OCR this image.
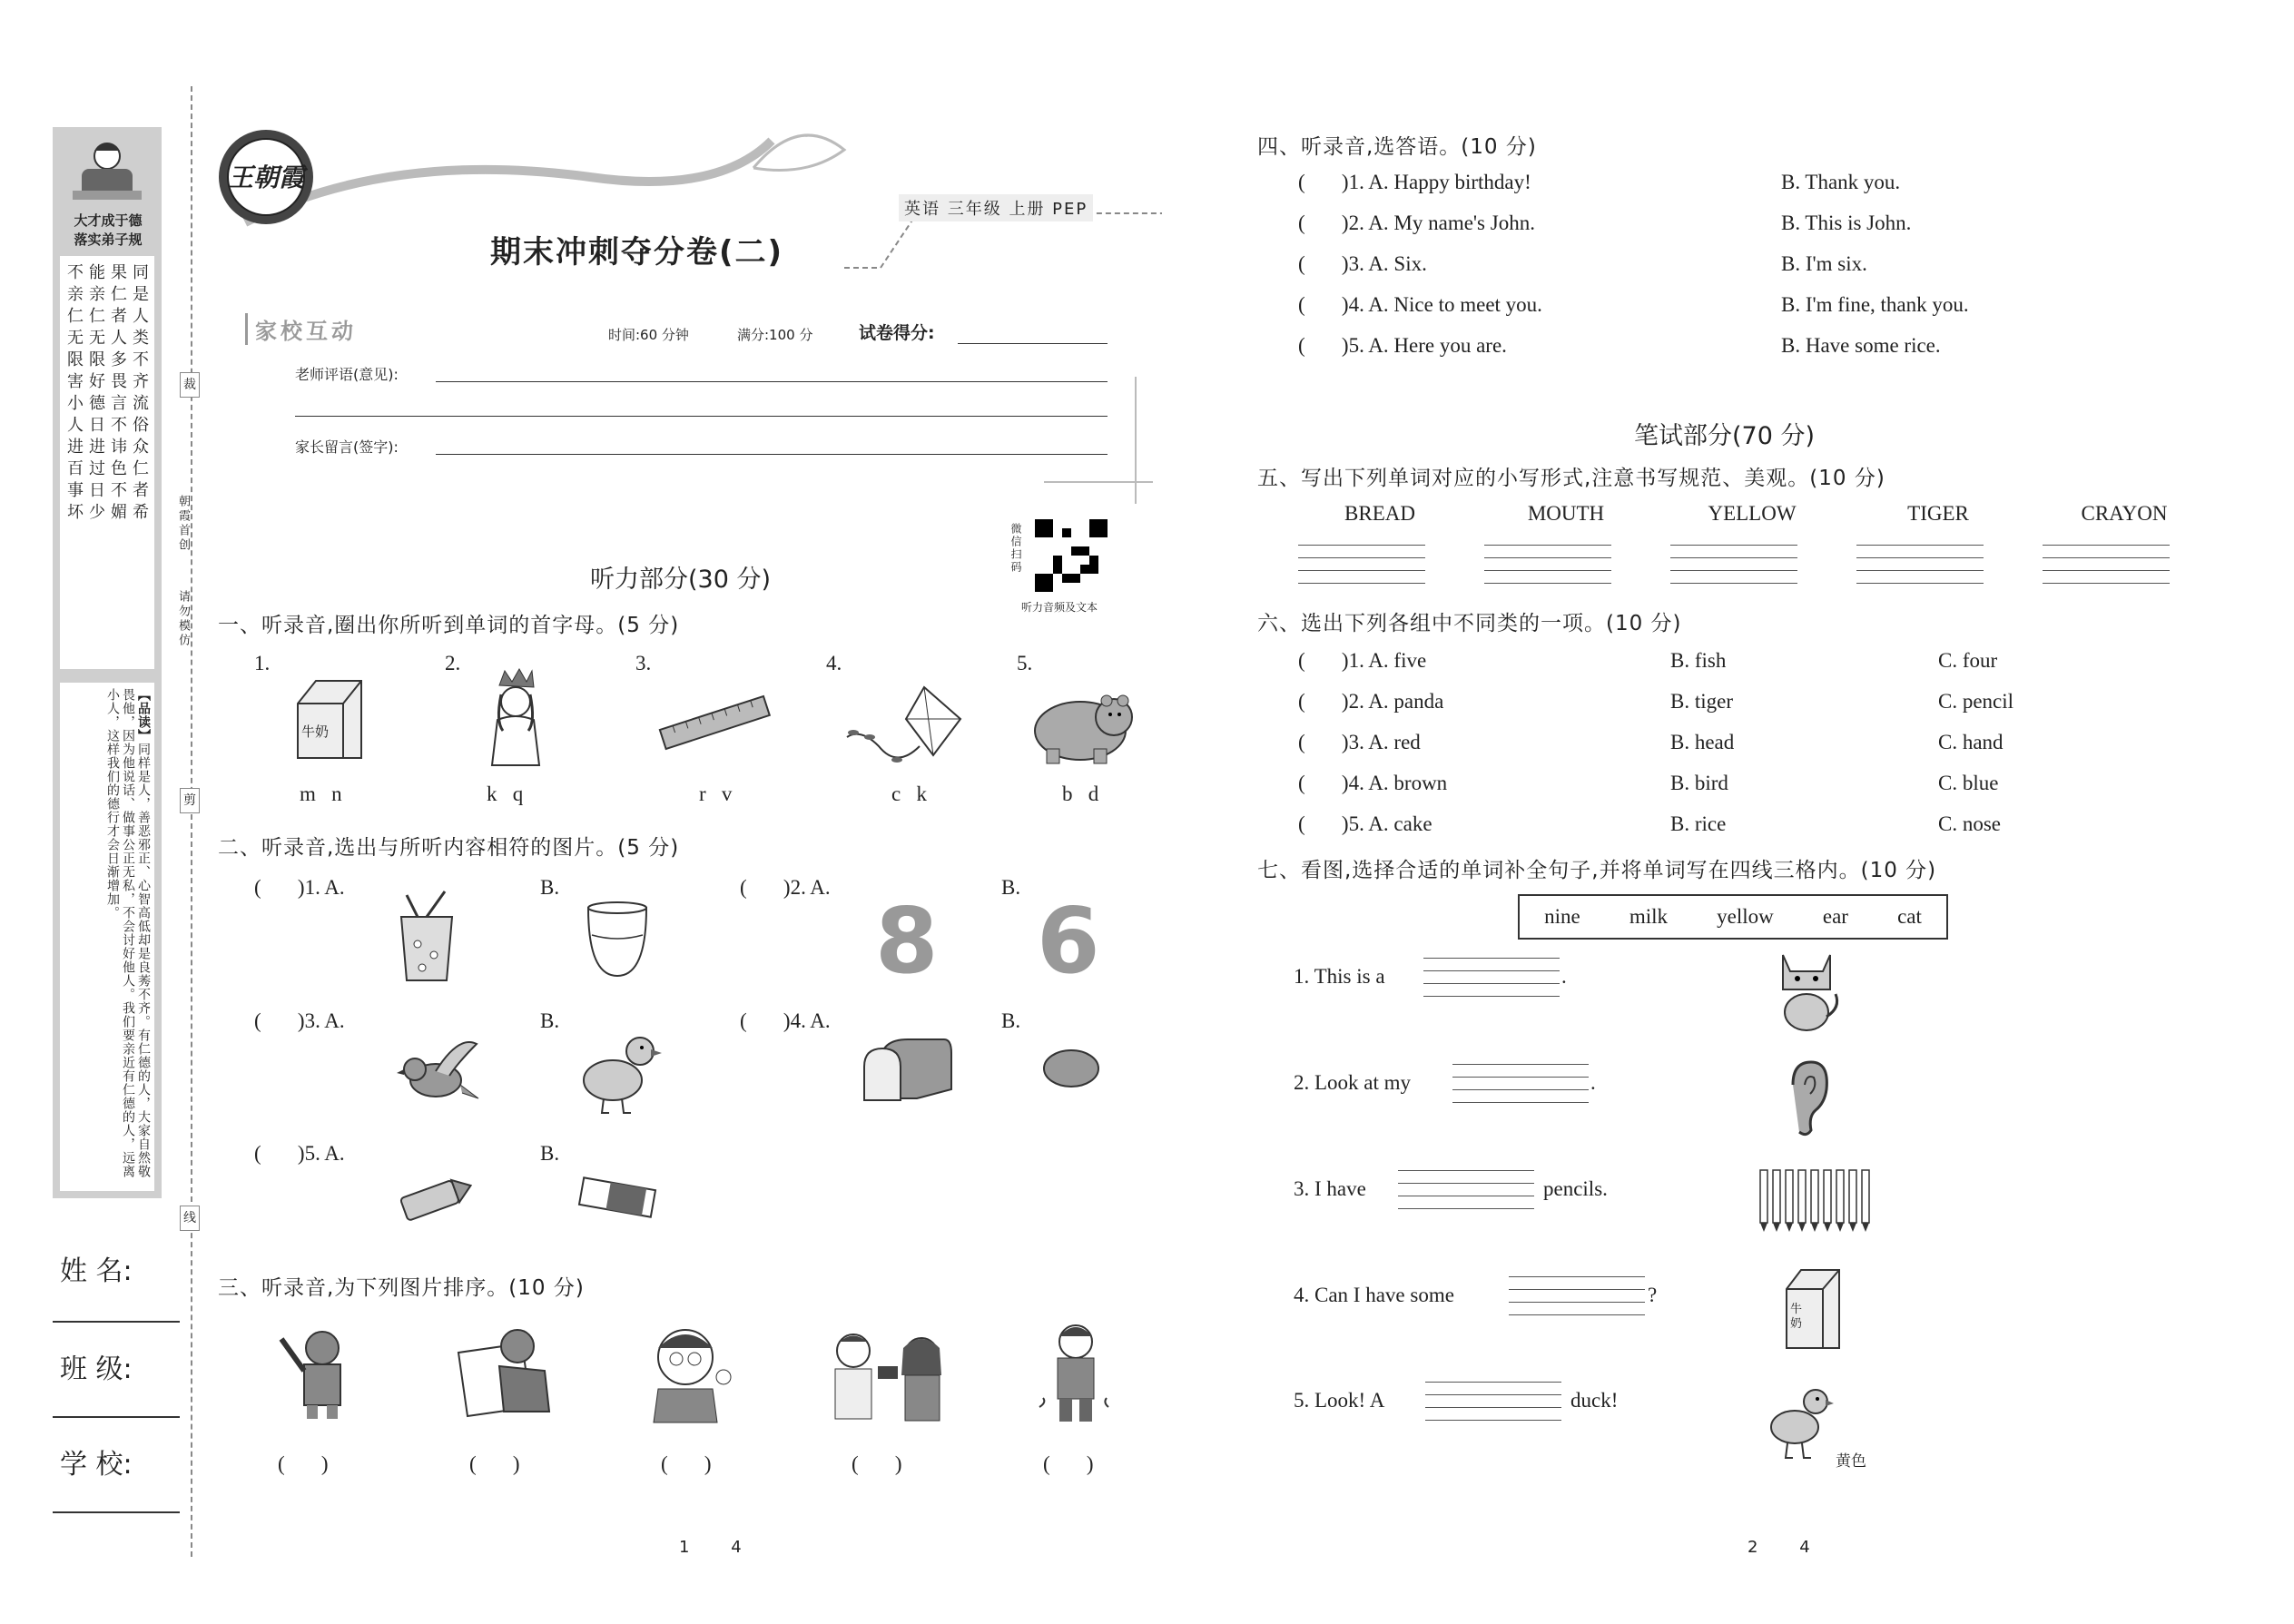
大才成于德
落实弟子规
同是人类不齐流俗众仁者希
果仁者人多畏言不讳色不媚
能亲仁无限好德日进过日少
不亲仁无限害小人进百事坏
【品读】同样是人，善恶邪正、心智高低却是良莠不齐。有仁德的人，大家自然敬畏他，因为他说话、做事公正无私，不会讨好他人。我们要亲近有仁德的人，远离小人，这样我们的德行才会日渐增加。
裁
剪
线
朝霞首创
请勿模仿
姓 名:
班 级:
学 校:
王朝霞
英语 三年级 上册 PEP
期末冲刺夺分卷(二)
家校互动	时间:60 分钟	满分:100 分	试卷得分:
老师评语(意见):
家长留言(签字):
微信扫码
听力音频及文本
听力部分(30 分)
一、听录音,圈出你所听到单词的首字母。(5 分)
1.	2.	3.	4.	5.
牛奶
m   n	k   q	r   v	c   k	b   d
二、听录音,选出与所听内容相符的图片。(5 分)
(       )1. A.	B.	(       )2. A.	B.
8 6
(       )3. A.	B.	(       )4. A.	B.
(       )5. A.	B.
三、听录音,为下列图片排序。(10 分)
(       )	(       )	(       )	(       )	(       )
1        4
四、听录音,选答语。(10 分)
(       )1. A. Happy birthday!	B. Thank you.
(       )2. A. My name's John.	B. This is John.
(       )3. A. Six.	B. I'm six.
(       )4. A. Nice to meet you.	B. I'm fine, thank you.
(       )5. A. Here you are.	B. Have some rice.
笔试部分(70 分)
五、写出下列单词对应的小写形式,注意书写规范、美观。(10 分)
BREAD	MOUTH	YELLOW	TIGER	CRAYON
六、选出下列各组中不同类的一项。(10 分)
(       )1. A. five	B. fish	C. four
(       )2. A. panda	B. tiger	C. pencil
(       )3. A. red	B. head	C. hand
(       )4. A. brown	B. bird	C. blue
(       )5. A. cake	B. rice	C. nose
七、看图,选择合适的单词补全句子,并将单词写在四线三格内。(10 分)
nine milk yellow ear cat
1. This is a	.
2. Look at my	.
3. I have	pencils.
4. Can I have some	?
牛奶
5. Look! A	duck!
黄色
2        4
